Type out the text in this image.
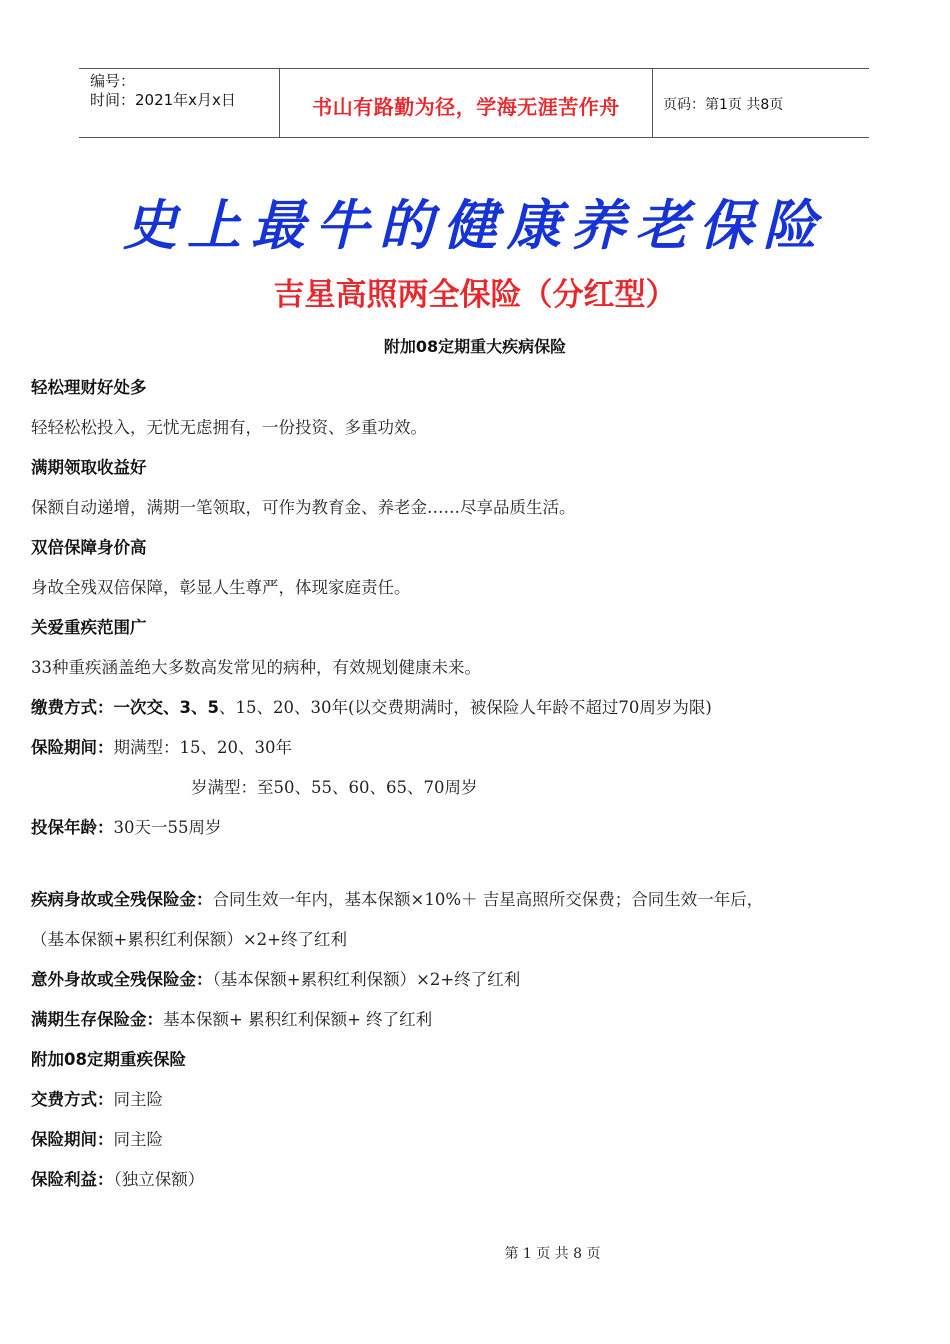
编号：
时间：2021年x月x日	书山有路勤为径，学海无涯苦作舟	页码：第1页 共8页
史上最牛的健康养老保险
吉星高照两全保险（分红型）
附加08定期重大疾病保险
轻松理财好处多
轻轻松松投入，无忧无虑拥有，一份投资、多重功效。
满期领取收益好
保额自动递增，满期一笔领取，可作为教育金、养老金……尽享品质生活。
双倍保障身价高
身故全残双倍保障，彰显人生尊严，体现家庭责任。
关爱重疾范围广
33种重疾涵盖绝大多数高发常见的病种，有效规划健康未来。
缴费方式：一次交、3、5、15、20、30年(以交费期满时，被保险人年龄不超过70周岁为限)
保险期间：期满型：15、20、30年
岁满型：至50、55、60、65、70周岁
投保年龄：30天一55周岁
疾病身故或全残保险金：合同生效一年内，基本保额×10%＋ 吉星高照所交保费；合同生效一年后，
（基本保额+累积红利保额）×2+终了红利
意外身故或全残保险金：（基本保额+累积红利保额）×2+终了红利
满期生存保险金：基本保额+ 累积红利保额+ 终了红利
附加08定期重疾保险
交费方式：同主险
保险期间：同主险
保险利益：（独立保额）
第 1 页 共 8 页
